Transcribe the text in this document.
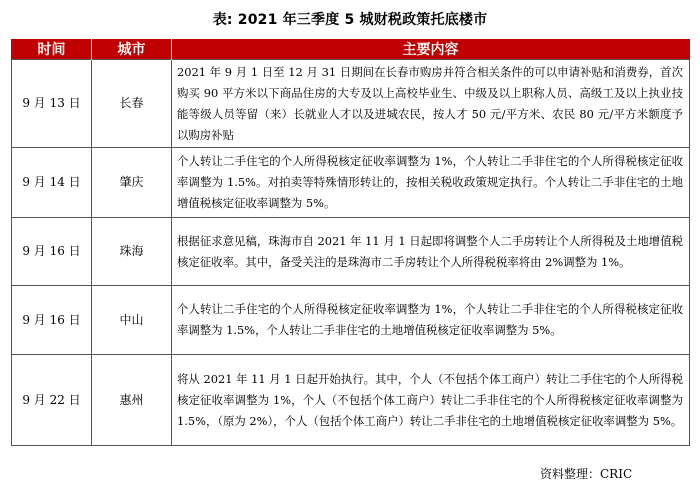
表: 2021 年三季度 5 城财税政策托底楼市
时间	城市	主要内容
9 月 13 日	长春	2021 年 9 月 1 日至 12 月 31 日期间在长春市购房并符合相关条件的可以申请补贴和消费券，首次购买 90 平方米以下商品住房的大专及以上高校毕业生、中级及以上职称人员、高级工及以上执业技能等级人员等留（来）长就业人才以及进城农民，按人才 50 元/平方米、农民 80 元/平方米额度予以购房补贴
9 月 14 日	肇庆	个人转让二手住宅的个人所得税核定征收率调整为 1%，个人转让二手非住宅的个人所得税核定征收率调整为 1.5%。对拍卖等特殊情形转让的，按相关税收政策规定执行。个人转让二手非住宅的土地增值税核定征收率调整为 5%。
9 月 16 日	珠海	根据征求意见稿，珠海市自 2021 年 11 月 1 日起即将调整个人二手房转让个人所得税及土地增值税核定征收率。其中，备受关注的是珠海市二手房转让个人所得税税率将由 2%调整为 1%。
9 月 16 日	中山	个人转让二手住宅的个人所得税核定征收率调整为 1%，个人转让二手非住宅的个人所得税核定征收率调整为 1.5%，个人转让二手非住宅的土地增值税核定征收率调整为 5%。
9 月 22 日	惠州	将从 2021 年 11 月 1 日起开始执行。其中，个人（不包括个体工商户）转让二手住宅的个人所得税核定征收率调整为 1%，个人（不包括个体工商户）转让二手非住宅的个人所得税核定征收率调整为 1.5%，（原为 2%），个人（包括个体工商户）转让二手非住宅的土地增值税核定征收率调整为 5%。
资料整理：CRIC
